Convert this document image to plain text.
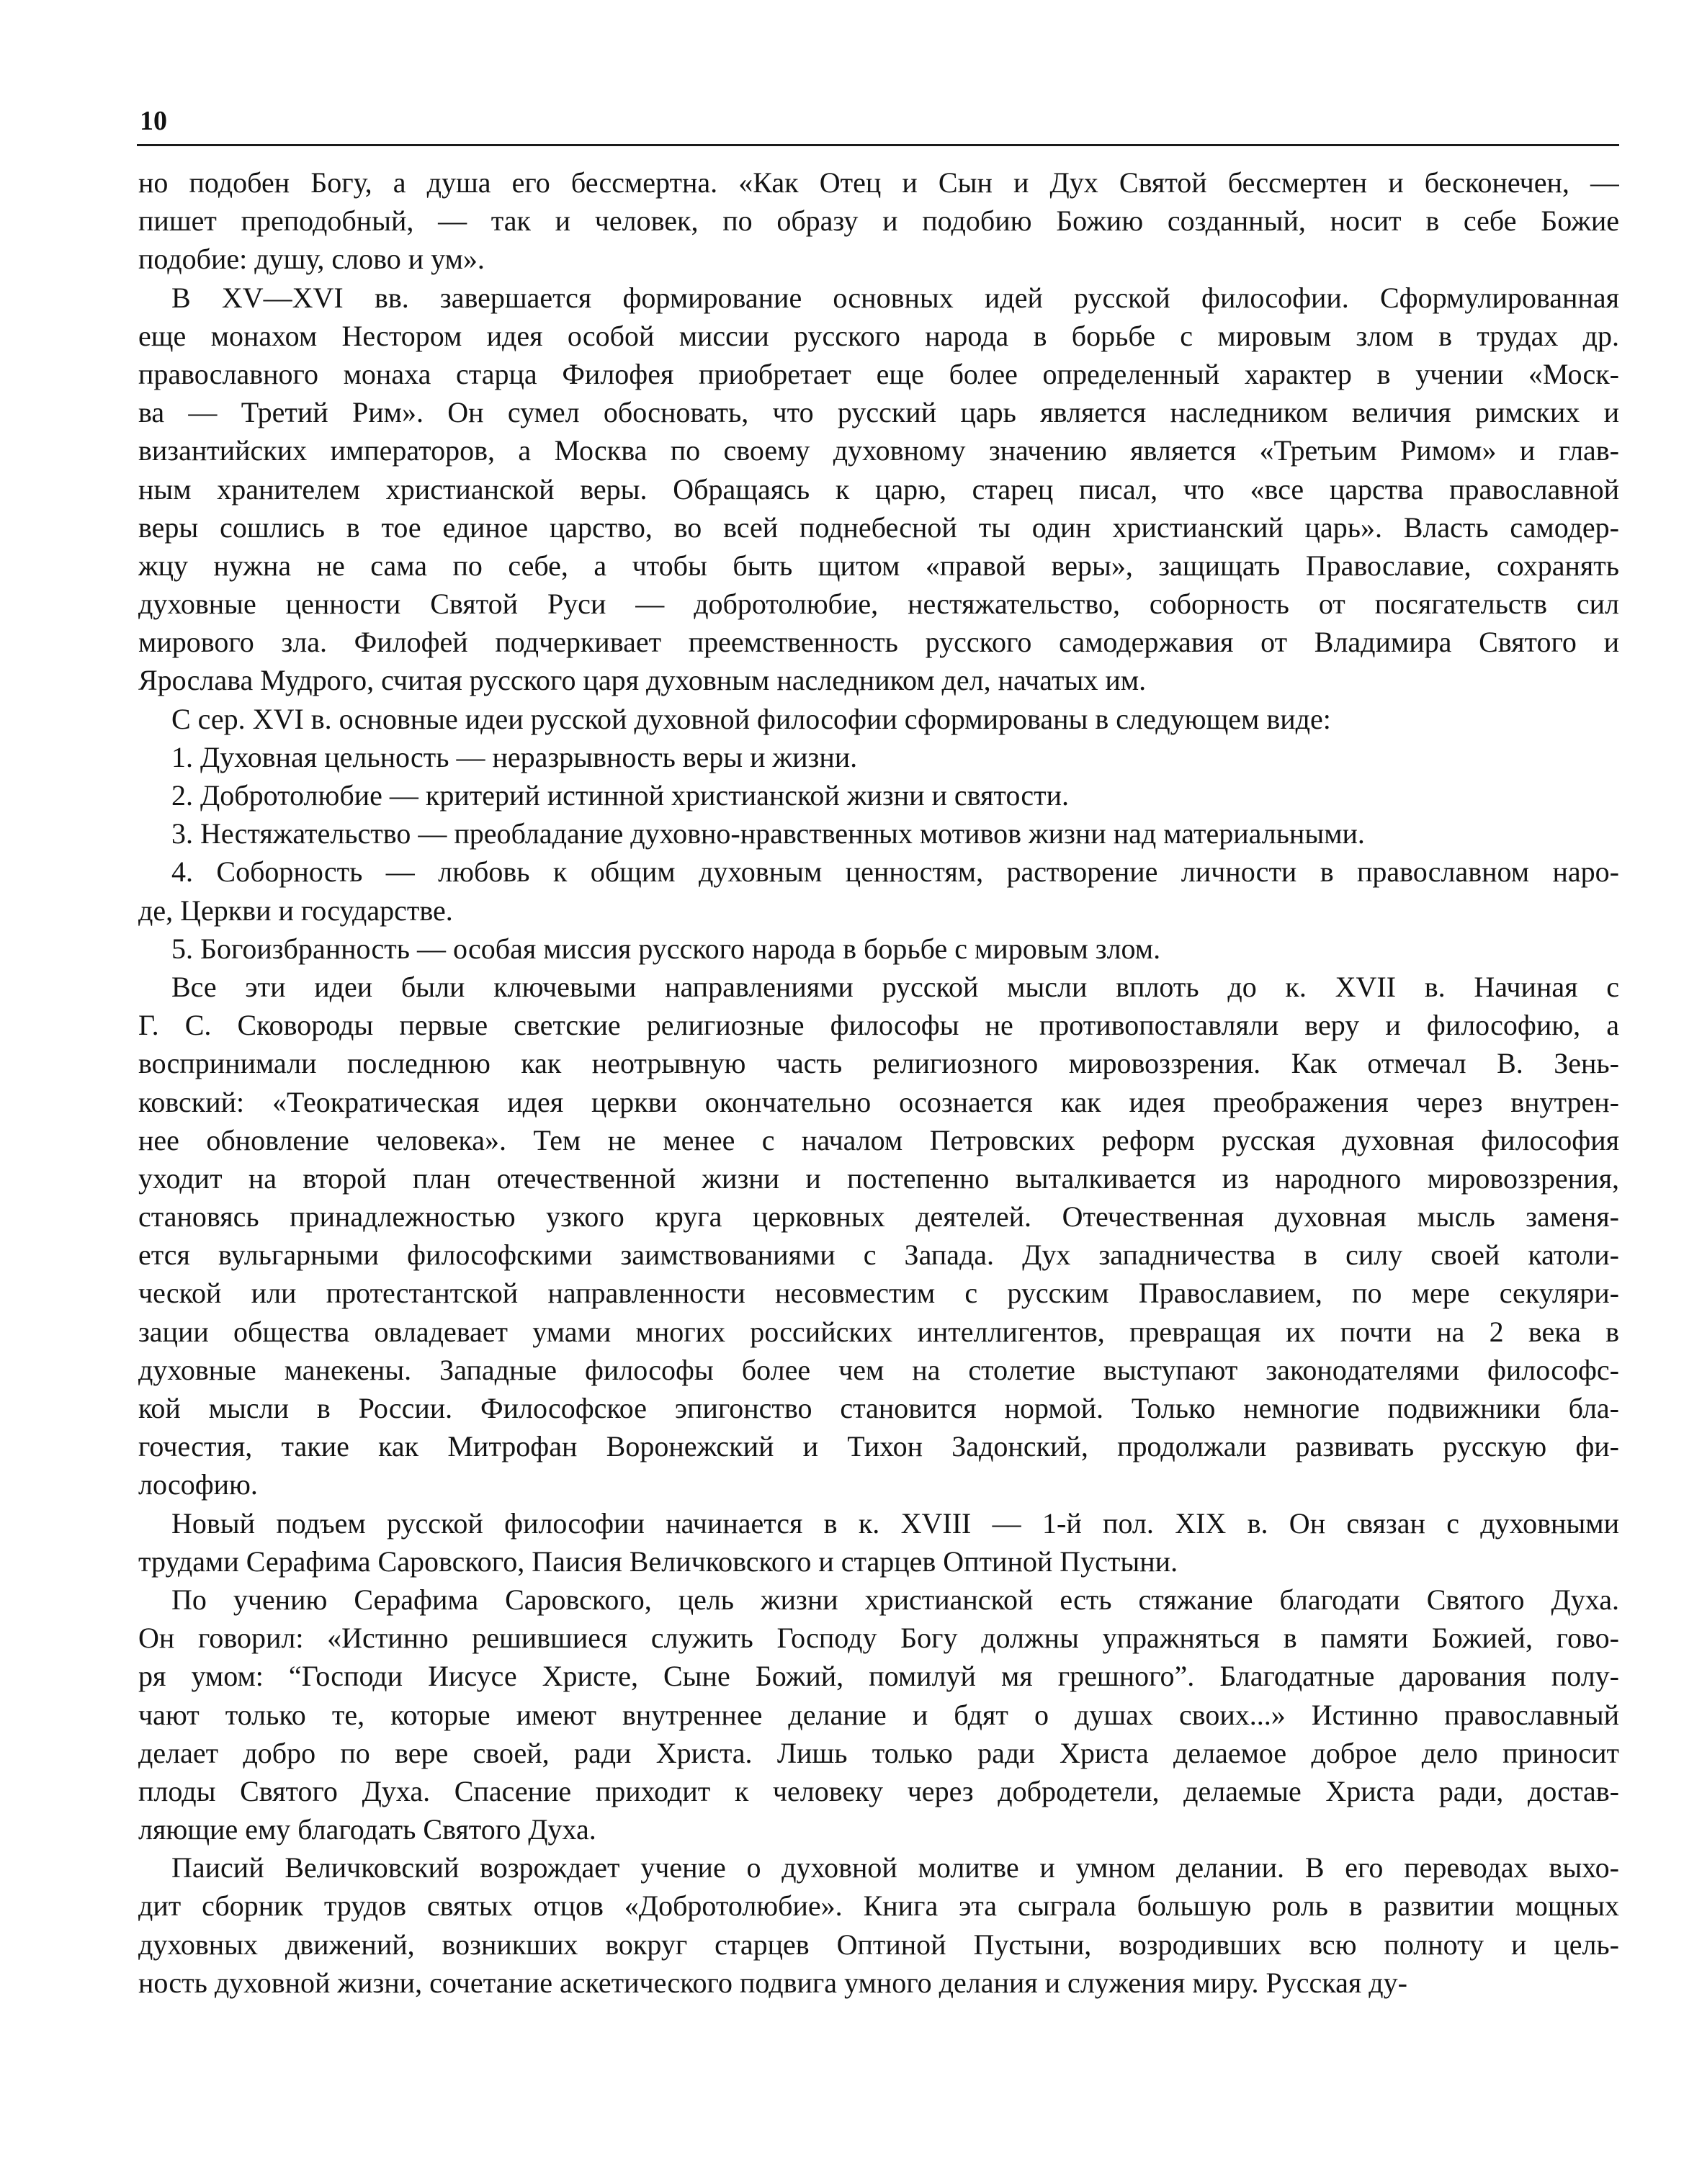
10
но подобен Богу, а душа его бессмертна. «Как Отец и Сын и Дух Святой бессмертен и бесконечен, —
пишет преподобный, — так и человек, по образу и подобию Божию созданный, носит в себе Божие
подобие: душу, слово и ум».
В XV—XVI вв. завершается формирование основных идей русской философии. Сформулированная
еще монахом Нестором идея особой миссии русского народа в борьбе с мировым злом в трудах др.
православного монаха старца Филофея приобретает еще более определенный характер в учении «Моск-
ва — Третий Рим». Он сумел обосновать, что русский царь является наследником величия римских и
византийских императоров, а Москва по своему духовному значению является «Третьим Римом» и глав-
ным хранителем христианской веры. Обращаясь к царю, старец писал, что «все царства православной
веры сошлись в тое единое царство, во всей поднебесной ты один христианский царь». Власть самодер-
жцу нужна не сама по себе, а чтобы быть щитом «правой веры», защищать Православие, сохранять
духовные ценности Святой Руси — добротолюбие, нестяжательство, соборность от посягательств сил
мирового зла. Филофей подчеркивает преемственность русского самодержавия от Владимира Святого и
Ярослава Мудрого, считая русского царя духовным наследником дел, начатых им.
С сер. XVI в. основные идеи русской духовной философии сформированы в следующем виде:
1. Духовная цельность — неразрывность веры и жизни.
2. Добротолюбие — критерий истинной христианской жизни и святости.
3. Нестяжательство — преобладание духовно-нравственных мотивов жизни над материальными.
4. Соборность — любовь к общим духовным ценностям, растворение личности в православном наро-
де, Церкви и государстве.
5. Богоизбранность — особая миссия русского народа в борьбе с мировым злом.
Все эти идеи были ключевыми направлениями русской мысли вплоть до к. XVII в. Начиная с
Г. С. Сковороды первые светские религиозные философы не противопоставляли веру и философию, а
воспринимали последнюю как неотрывную часть религиозного мировоззрения. Как отмечал В. Зень-
ковский: «Теократическая идея церкви окончательно осознается как идея преображения через внутрен-
нее обновление человека». Тем не менее с началом Петровских реформ русская духовная философия
уходит на второй план отечественной жизни и постепенно выталкивается из народного мировоззрения,
становясь принадлежностью узкого круга церковных деятелей. Отечественная духовная мысль заменя-
ется вульгарными философскими заимствованиями с Запада. Дух западничества в силу своей католи-
ческой или протестантской направленности несовместим с русским Православием, по мере секуляри-
зации общества овладевает умами многих российских интеллигентов, превращая их почти на 2 века в
духовные манекены. Западные философы более чем на столетие выступают законодателями философс-
кой мысли в России. Философское эпигонство становится нормой. Только немногие подвижники бла-
гочестия, такие как Митрофан Воронежский и Тихон Задонский, продолжали развивать русскую фи-
лософию.
Новый подъем русской философии начинается в к. XVIII — 1-й пол. XIX в. Он связан с духовными
трудами Серафима Саровского, Паисия Величковского и старцев Оптиной Пустыни.
По учению Серафима Саровского, цель жизни христианской есть стяжание благодати Святого Духа.
Он говорил: «Истинно решившиеся служить Господу Богу должны упражняться в памяти Божией, гово-
ря умом: “Господи Иисусе Христе, Сыне Божий, помилуй мя грешного”. Благодатные дарования полу-
чают только те, которые имеют внутреннее делание и бдят о душах своих...» Истинно православный
делает добро по вере своей, ради Христа. Лишь только ради Христа делаемое доброе дело приносит
плоды Святого Духа. Спасение приходит к человеку через добродетели, делаемые Христа ради, достав-
ляющие ему благодать Святого Духа.
Паисий Величковский возрождает учение о духовной молитве и умном делании. В его переводах выхо-
дит сборник трудов святых отцов «Добротолюбие». Книга эта сыграла большую роль в развитии мощных
духовных движений, возникших вокруг старцев Оптиной Пустыни, возродивших всю полноту и цель-
ность духовной жизни, сочетание аскетического подвига умного делания и служения миру. Русская ду-
